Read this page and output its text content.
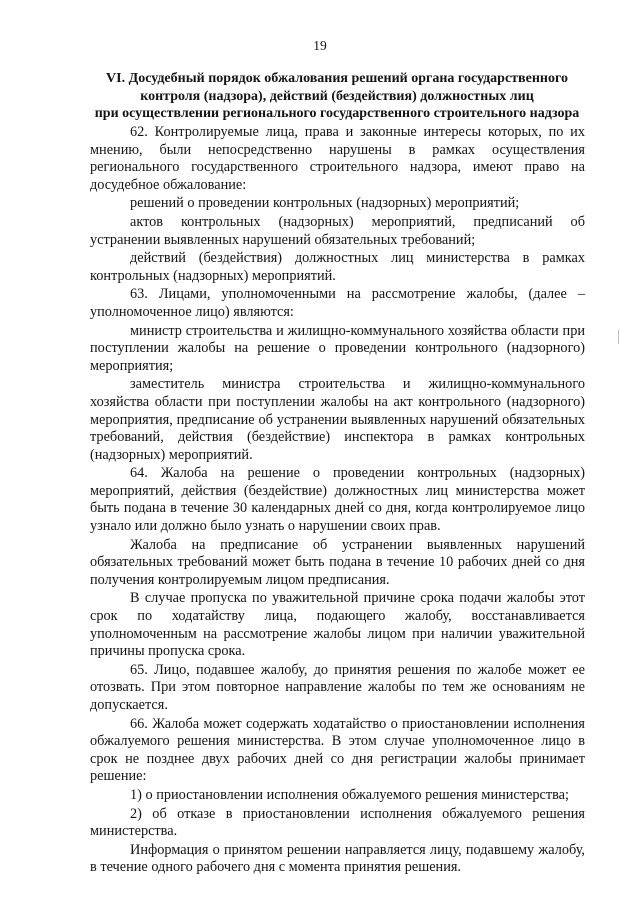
19
VI. Досудебный порядок обжалования решений органа государственного
контроля (надзора), действий (бездействия) должностных лиц
при осуществлении регионального государственного строительного надзора

62. Контролируемые лица, права и законные интересы которых, по их мнению, были непосредственно нарушены в рамках осуществления регионального государственного строительного надзора, имеют право на досудебное обжалование:

решений о проведении контрольных (надзорных) мероприятий;

актов контрольных (надзорных) мероприятий, предписаний об устранении выявленных нарушений обязательных требований;

действий (бездействия) должностных лиц министерства в рамках контрольных (надзорных) мероприятий.

63. Лицами, уполномоченными на рассмотрение жалобы, (далее – уполномоченное лицо) являются:

министр строительства и жилищно-коммунального хозяйства области при поступлении жалобы на решение о проведении контрольного (надзорного) мероприятия;

заместитель министра строительства и жилищно-коммунального хозяйства области при поступлении жалобы на акт контрольного (надзорного) мероприятия, предписание об устранении выявленных нарушений обязательных требований, действия (бездействие) инспектора в рамках контрольных (надзорных) мероприятий.

64. Жалоба на решение о проведении контрольных (надзорных) мероприятий, действия (бездействие) должностных лиц министерства может быть подана в течение 30 календарных дней со дня, когда контролируемое лицо узнало или должно было узнать о нарушении своих прав.

Жалоба на предписание об устранении выявленных нарушений обязательных требований может быть подана в течение 10 рабочих дней со дня получения контролируемым лицом предписания.

В случае пропуска по уважительной причине срока подачи жалобы этот срок по ходатайству лица, подающего жалобу, восстанавливается уполномоченным на рассмотрение жалобы лицом при наличии уважительной причины пропуска срока.

65. Лицо, подавшее жалобу, до принятия решения по жалобе может ее отозвать. При этом повторное направление жалобы по тем же основаниям не допускается.

66. Жалоба может содержать ходатайство о приостановлении исполнения обжалуемого решения министерства. В этом случае уполномоченное лицо в срок не позднее двух рабочих дней со дня регистрации жалобы принимает решение:

1) о приостановлении исполнения обжалуемого решения министерства;

2) об отказе в приостановлении исполнения обжалуемого решения министерства.

Информация о принятом решении направляется лицу, подавшему жалобу, в течение одного рабочего дня с момента принятия решения.
